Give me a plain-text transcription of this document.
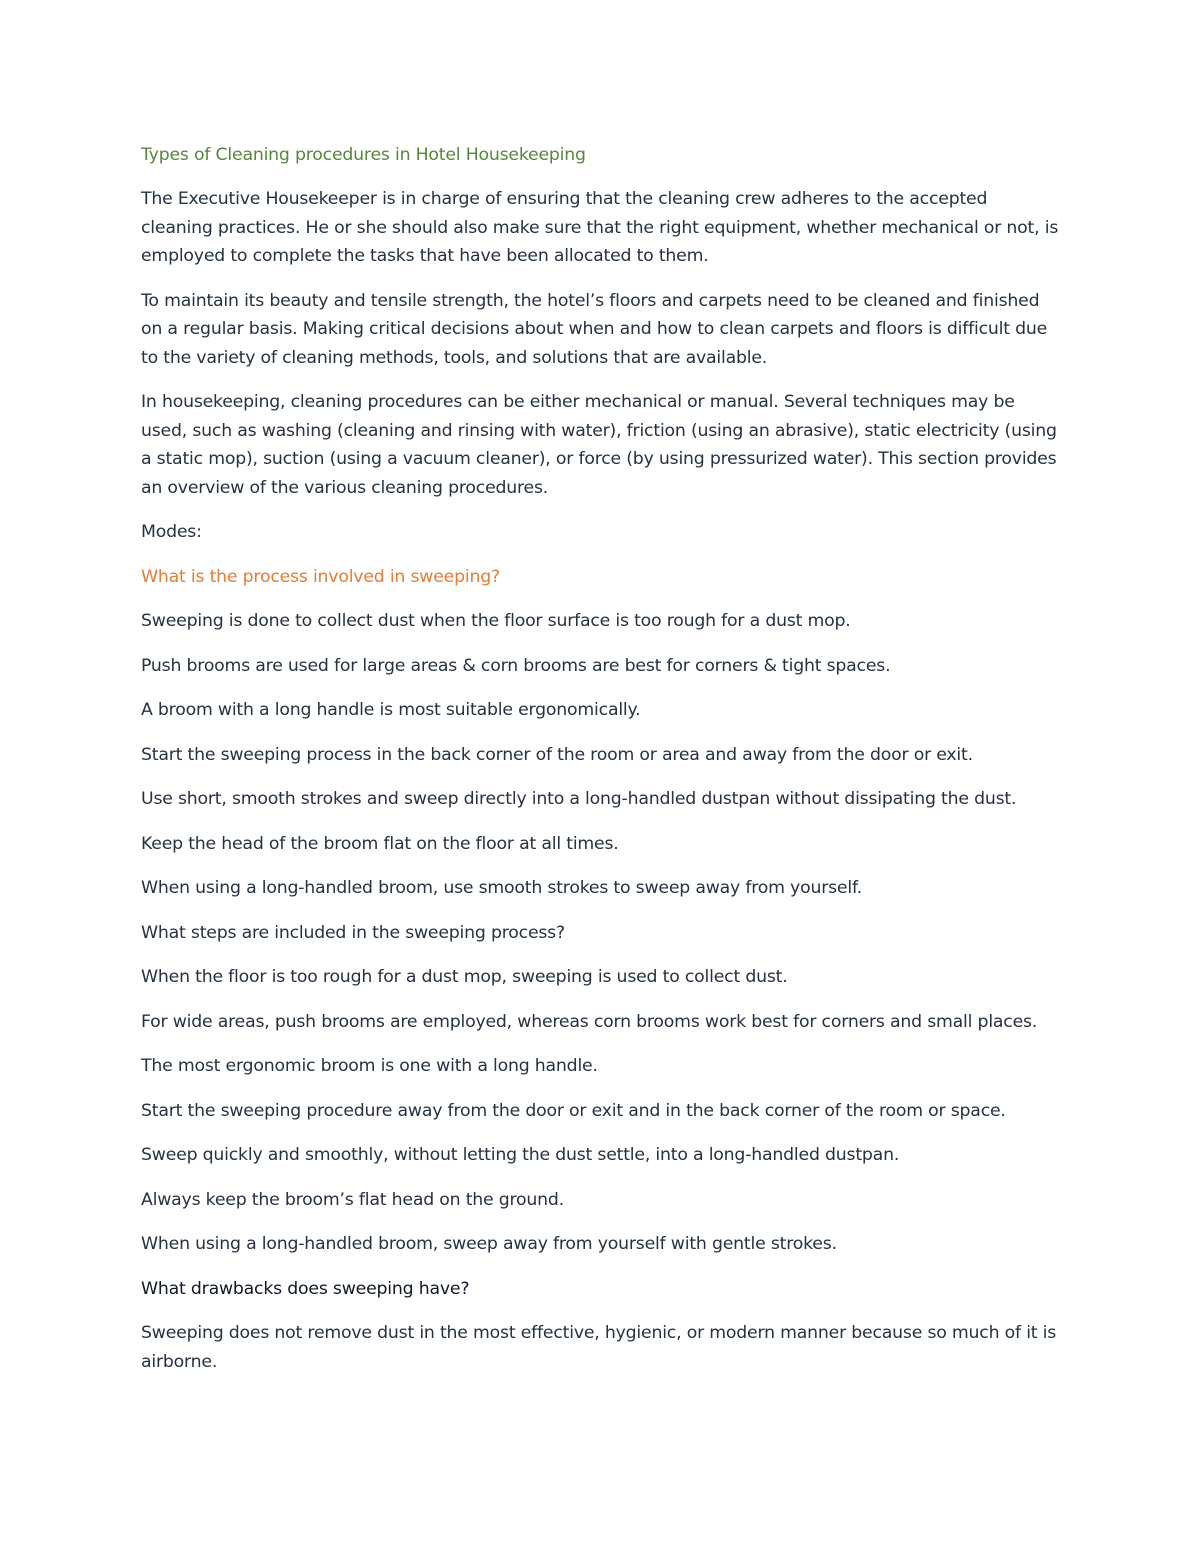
Types of Cleaning procedures in Hotel Housekeeping

The Executive Housekeeper is in charge of ensuring that the cleaning crew adheres to the accepted cleaning practices. He or she should also make sure that the right equipment, whether mechanical or not, is employed to complete the tasks that have been allocated to them.

To maintain its beauty and tensile strength, the hotel’s floors and carpets need to be cleaned and finished on a regular basis. Making critical decisions about when and how to clean carpets and floors is difficult due to the variety of cleaning methods, tools, and solutions that are available.

In housekeeping, cleaning procedures can be either mechanical or manual. Several techniques may be used, such as washing (cleaning and rinsing with water), friction (using an abrasive), static electricity (using a static mop), suction (using a vacuum cleaner), or force (by using pressurized water). This section provides an overview of the various cleaning procedures.

Modes:

What is the process involved in sweeping?

Sweeping is done to collect dust when the floor surface is too rough for a dust mop.

Push brooms are used for large areas & corn brooms are best for corners & tight spaces.

A broom with a long handle is most suitable ergonomically.

Start the sweeping process in the back corner of the room or area and away from the door or exit.

Use short, smooth strokes and sweep directly into a long-handled dustpan without dissipating the dust.

Keep the head of the broom flat on the floor at all times.

When using a long-handled broom, use smooth strokes to sweep away from yourself.

What steps are included in the sweeping process?

When the floor is too rough for a dust mop, sweeping is used to collect dust.

For wide areas, push brooms are employed, whereas corn brooms work best for corners and small places.

The most ergonomic broom is one with a long handle.

Start the sweeping procedure away from the door or exit and in the back corner of the room or space.

Sweep quickly and smoothly, without letting the dust settle, into a long-handled dustpan.

Always keep the broom’s flat head on the ground.

When using a long-handled broom, sweep away from yourself with gentle strokes.

What drawbacks does sweeping have?

Sweeping does not remove dust in the most effective, hygienic, or modern manner because so much of it is airborne.
